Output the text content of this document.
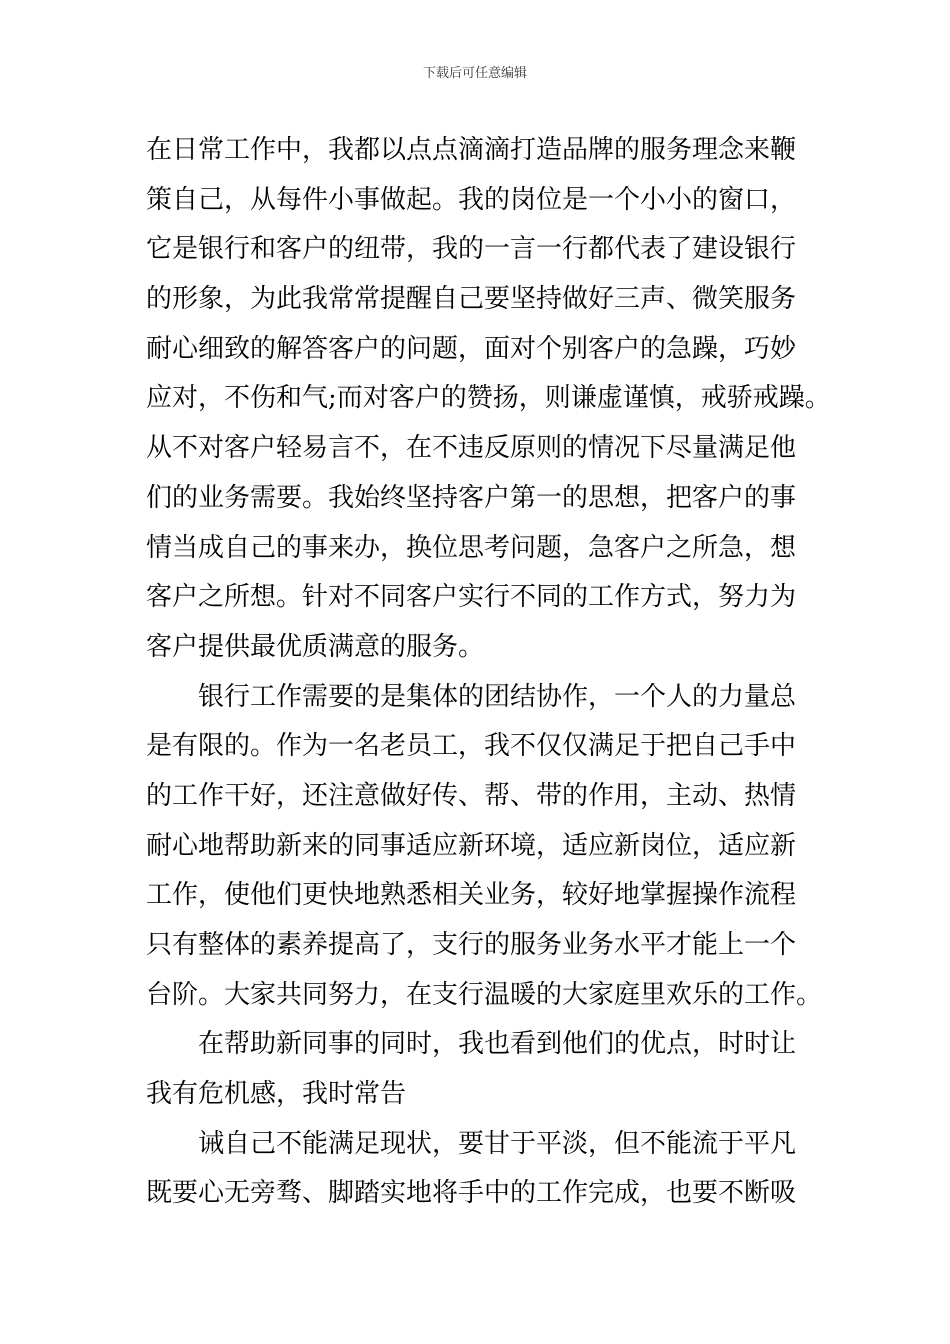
下载后可任意编辑
在日常工作中，我都以点点滴滴打造品牌的服务理念来鞭
策自己，从每件小事做起。我的岗位是一个小小的窗口，
它是银行和客户的纽带，我的一言一行都代表了建设银行
的形象，为此我常常提醒自己要坚持做好三声、微笑服务
耐心细致的解答客户的问题，面对个别客户的急躁，巧妙
应对，不伤和气;而对客户的赞扬，则谦虚谨慎，戒骄戒躁。
从不对客户轻易言不，在不违反原则的情况下尽量满足他
们的业务需要。我始终坚持客户第一的思想，把客户的事
情当成自己的事来办，换位思考问题，急客户之所急，想
客户之所想。针对不同客户实行不同的工作方式，努力为
客户提供最优质满意的服务。
银行工作需要的是集体的团结协作，一个人的力量总
是有限的。作为一名老员工，我不仅仅满足于把自己手中
的工作干好，还注意做好传、帮、带的作用，主动、热情
耐心地帮助新来的同事适应新环境，适应新岗位，适应新
工作，使他们更快地熟悉相关业务，较好地掌握操作流程
只有整体的素养提高了，支行的服务业务水平才能上一个
台阶。大家共同努力，在支行温暖的大家庭里欢乐的工作。
在帮助新同事的同时，我也看到他们的优点，时时让
我有危机感，我时常告
诫自己不能满足现状，要甘于平淡，但不能流于平凡
既要心无旁骛、脚踏实地将手中的工作完成，也要不断吸
